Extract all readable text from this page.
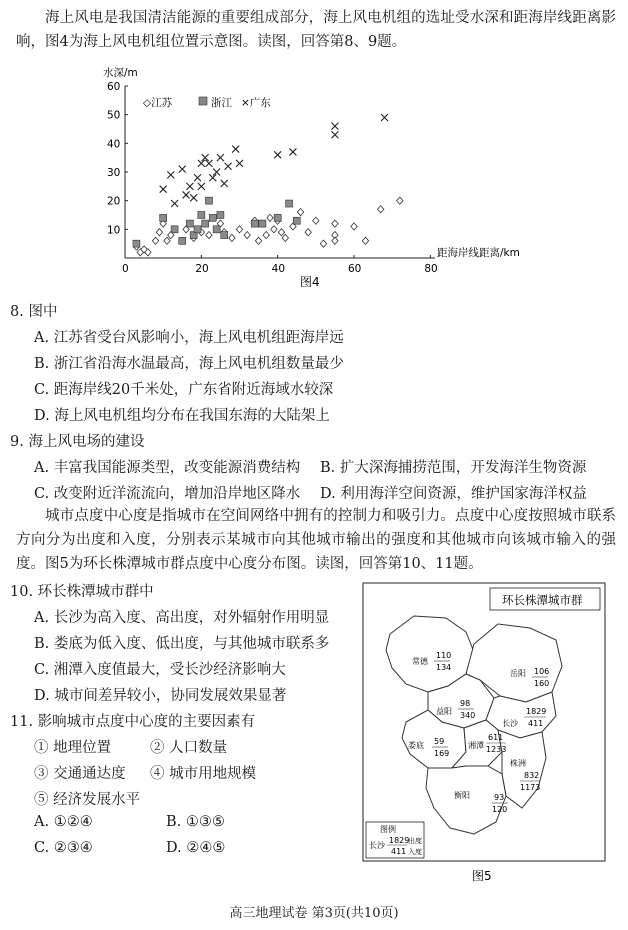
海上风电是我国清洁能源的重要组成部分，海上风电机组的选址受水深和距海岸线距离影响，图4为海上风电机组位置示意图。读图，回答第8、9题。
水深/m
距海岸线距离/km
60
50
40
30
20
10
0	20	40	60	80
◇江苏	浙江 ×广东
图4
8. 图中
A. 江苏省受台风影响小，海上风电机组距海岸远
B. 浙江省沿海水温最高，海上风电机组数量最少
C. 距海岸线20千米处，广东省附近海域水较深
D. 海上风电机组均分布在我国东海的大陆架上
9. 海上风电场的建设
A. 丰富我国能源类型，改变能源消费结构 B. 扩大深海捕捞范围，开发海洋生物资源
C. 改变附近洋流流向，增加沿岸地区降水 D. 利用海洋空间资源，维护国家海洋权益
城市点度中心度是指城市在空间网络中拥有的控制力和吸引力。点度中心度按照城市联系方向分为出度和入度，分别表示某城市向其他城市输出的强度和其他城市向该城市输入的强度。图5为环长株潭城市群点度中心度分布图。读图，回答第10、11题。
10. 环长株潭城市群中
A. 长沙为高入度、高出度，对外辐射作用明显
B. 娄底为低入度、低出度，与其他城市联系多
C. 湘潭入度值最大，受长沙经济影响大
D. 城市间差异较小，协同发展效果显著
11. 影响城市点度中心度的主要因素有
① 地理位置	② 人口数量
③ 交通通达度 ④ 城市用地规模
⑤ 经济发展水平
A. ①②④	B. ①③⑤
C. ②③④	D. ②④⑤
环长株潭城市群
常德
110
134
岳阳 106
160
益阳
98
340
长沙
1829
411
娄底 59
169
湘潭
611
1233
株洲
832
1173
衡阳	93
120
图例
长沙
1829
411
出度
入度
图5
高三地理试卷 第3页(共10页)
